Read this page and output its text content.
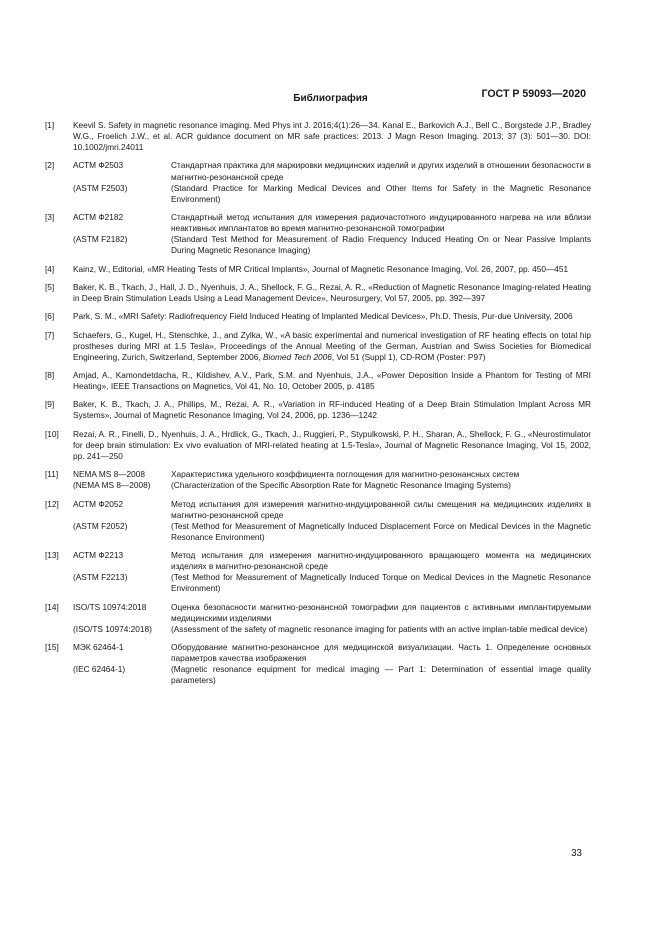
ГОСТ Р 59093—2020
Библиография
[1] Keevil S. Safety in magnetic resonance imaging. Med Phys int J. 2016;4(1):26—34. Kanal E., Barkovich A.J., Bell C., Borgstede J.P., Bradley W.G., Froelich J.W., et al. ACR guidance document on MR safe practices: 2013. J Magn Reson Imaging. 2013; 37 (3): 501—30. DOI: 10.1002/jmri.24011
[2] АСТМ Ф2503	Стандартная практика для маркировки медицинских изделий и других изделий в отношении безопасности в магнитно-резонансной среде
(ASTM F2503)	(Standard Practice for Marking Medical Devices and Other Items for Safety in the Magnetic Resonance Environment)
[3] АСТМ Ф2182	Стандартный метод испытания для измерения радиочастотного индуцированного нагрева на или вблизи неактивных имплантатов во время магнитно-резонансной томографии
(ASTM F2182)	(Standard Test Method for Measurement of Radio Frequency Induced Heating On or Near Passive Implants During Magnetic Resonance Imaging)
[4] Kainz, W., Editorial, «MR Heating Tests of MR Critical Implants», Journal of Magnetic Resonance Imaging, Vol. 26, 2007, pp. 450—451
[5] Baker, K. B., Tkach, J., Hall, J. D., Nyenhuis, J. A., Shellock, F. G., Rezai, A. R., «Reduction of Magnetic Resonance Imaging-related Heating in Deep Brain Stimulation Leads Using a Lead Management Device», Neurosurgery, Vol 57, 2005, pp. 392—397
[6] Park, S. M., «MRI Safety: Radiofrequency Field Induced Heating of Implanted Medical Devices», Ph.D. Thesis, Pur-due University, 2006
[7] Schaefers, G., Kugel, H., Stenschke, J., and Zylka, W., «A basic experimental and numerical investigation of RF heating effects on total hip prostheses during MRI at 1.5 Tesla», Proceedings of the Annual Meeting of the German, Austrian and Swiss Societies for Biomedical Engineering, Zurich, Switzerland, September 2006, Biomed Tech 2006, Vol 51 (Suppl 1), CD-ROM (Poster: P97)
[8] Amjad, A., Kamondetdacha, R., Kildishev, A.V., Park, S.M. and Nyenhuis, J.A., «Power Deposition Inside a Phantom for Testing of MRI Heating», IEEE Transactions on Magnetics, Vol 41, No. 10, October 2005, p. 4185
[9] Baker, K. B., Tkach, J. A., Phillips, M., Rezai, A. R., «Variation in RF-induced Heating of a Deep Brain Stimulation Implant Across MR Systems», Journal of Magnetic Resonance Imaging, Vol 24, 2006, pp. 1236—1242
[10] Rezai, A. R., Finelli, D., Nyenhuis, J. A., Hrdlick, G., Tkach, J., Ruggieri, P., Stypulkowski, P. H., Sharan, A., Shellock, F. G., «Neurostimulator for deep brain stimulation: Ex vivo evaluation of MRI-related heating at 1.5-Tesla», Journal of Magnetic Resonance Imaging, Vol 15, 2002, pp. 241—250
[11] NEMA MS 8—2008	Характеристика удельного коэффициента поглощения для магнитно-резонансных систем
(NEMA MS 8—2008)	(Characterization of the Specific Absorption Rate for Magnetic Resonance Imaging Systems)
[12] АСТМ Ф2052	Метод испытания для измерения магнитно-индуцированной силы смещения на медицинских изделиях в магнитно-резонансной среде
(ASTM F2052)	(Test Method for Measurement of Magnetically Induced Displacement Force on Medical Devices in the Magnetic Resonance Environment)
[13] АСТМ Ф2213	Метод испытания для измерения магнитно-индуцированного вращающего момента на медицинских изделиях в магнитно-резонансной среде
(ASTM F2213)	(Test Method for Measurement of Magnetically Induced Torque on Medical Devices in the Magnetic Resonance Environment)
[14] ISO/TS 10974:2018	Оценка безопасности магнитно-резонансной томографии для пациентов с активными имплантируемыми медицинскими изделиями
(ISO/TS 10974:2018)	(Assessment of the safety of magnetic resonance imaging for patients with an active implan-table medical device)
[15] МЭК 62464-1	Оборудование магнитно-резонансное для медицинской визуализации. Часть 1. Определение основных параметров качества изображения
(IEC 62464-1)	(Magnetic resonance equipment for medical imaging — Part 1: Determination of essential image quality parameters)
33
